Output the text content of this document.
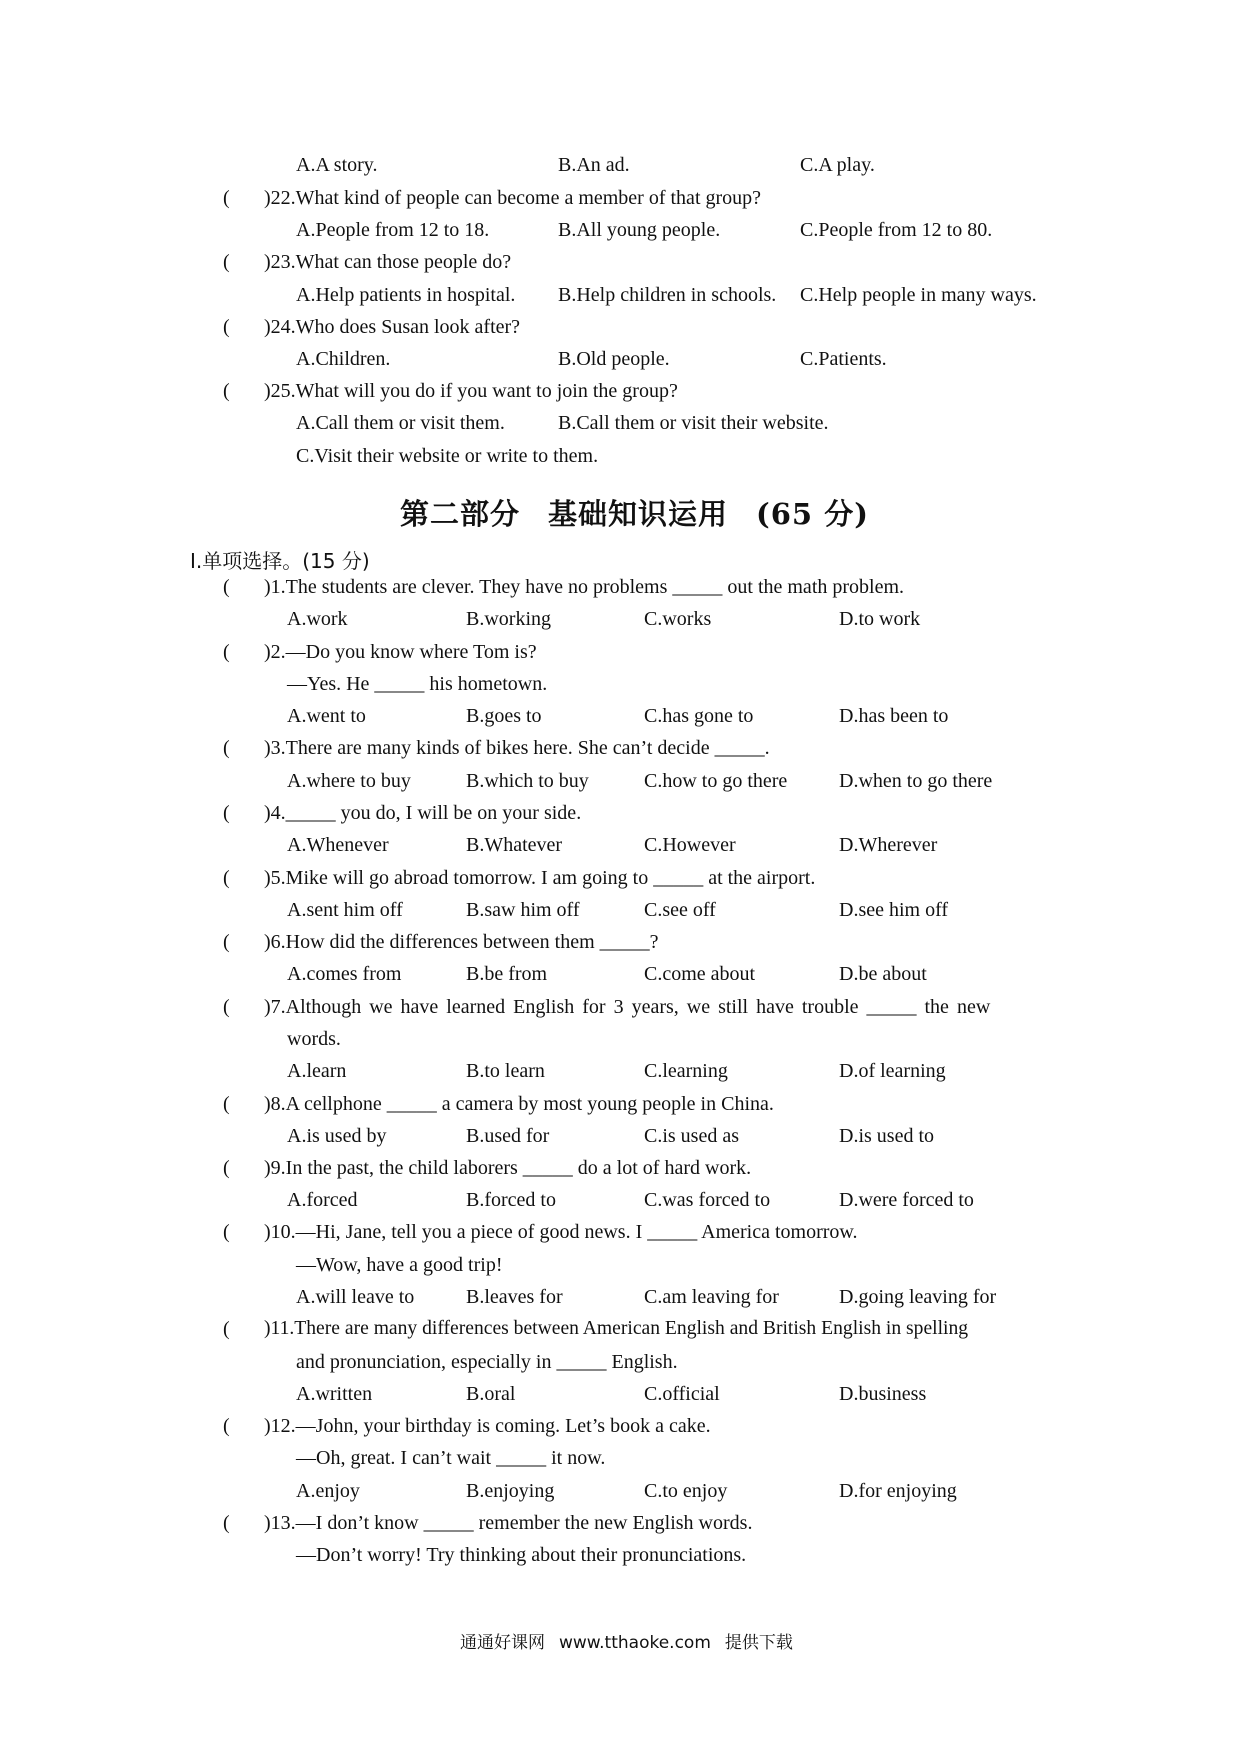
A.A story.	B.An ad.	C.A play.
( )22.What kind of people can become a member of that group?
A.People from 12 to 18.	B.All young people.	C.People from 12 to 80.
( )23.What can those people do?
A.Help patients in hospital. B.Help children in schools. C.Help people in many ways.
( )24.Who does Susan look after?
A.Children.	B.Old people.	C.Patients.
( )25.What will you do if you want to join the group?
A.Call them or visit them.	B.Call them or visit their website.
C.Visit their website or write to them.
第二部分 基础知识运用 (65 分)
Ⅰ.单项选择。(15 分)
( )1.The students are clever. They have no problems _____ out the math problem.
A.work	B.working	C.works	D.to work
( )2.—Do you know where Tom is?
—Yes. He _____ his hometown.
A.went to	B.goes to	C.has gone to	D.has been to
( )3.There are many kinds of bikes here. She can’t decide _____.
A.where to buy	B.which to buy	C.how to go there	D.when to go there
( )4._____ you do, I will be on your side.
A.Whenever	B.Whatever	C.However	D.Wherever
( )5.Mike will go abroad tomorrow. I am going to _____ at the airport.
A.sent him off	B.saw him off	C.see off	D.see him off
( )6.How did the differences between them _____?
A.comes from	B.be from	C.come about	D.be about
( )7.Although we have learned English for 3 years, we still have trouble _____ the new
words.
A.learn	B.to learn	C.learning	D.of learning
( )8.A cellphone _____ a camera by most young people in China.
A.is used by	B.used for	C.is used as	D.is used to
( )9.In the past, the child laborers _____ do a lot of hard work.
A.forced	B.forced to	C.was forced to	D.were forced to
( )10.—Hi, Jane, tell you a piece of good news. I _____ America tomorrow.
—Wow, have a good trip!
A.will leave to	B.leaves for	C.am leaving for	D.going leaving for
( )11.There are many differences between American English and British English in spelling
and pronunciation, especially in _____ English.
A.written	B.oral	C.official	D.business
( )12.—John, your birthday is coming. Let’s book a cake.
—Oh, great. I can’t wait _____ it now.
A.enjoy	B.enjoying	C.to enjoy	D.for enjoying
( )13.—I don’t know _____ remember the new English words.
—Don’t worry! Try thinking about their pronunciations.
通通好课网 www.tthaoke.com 提供下载
